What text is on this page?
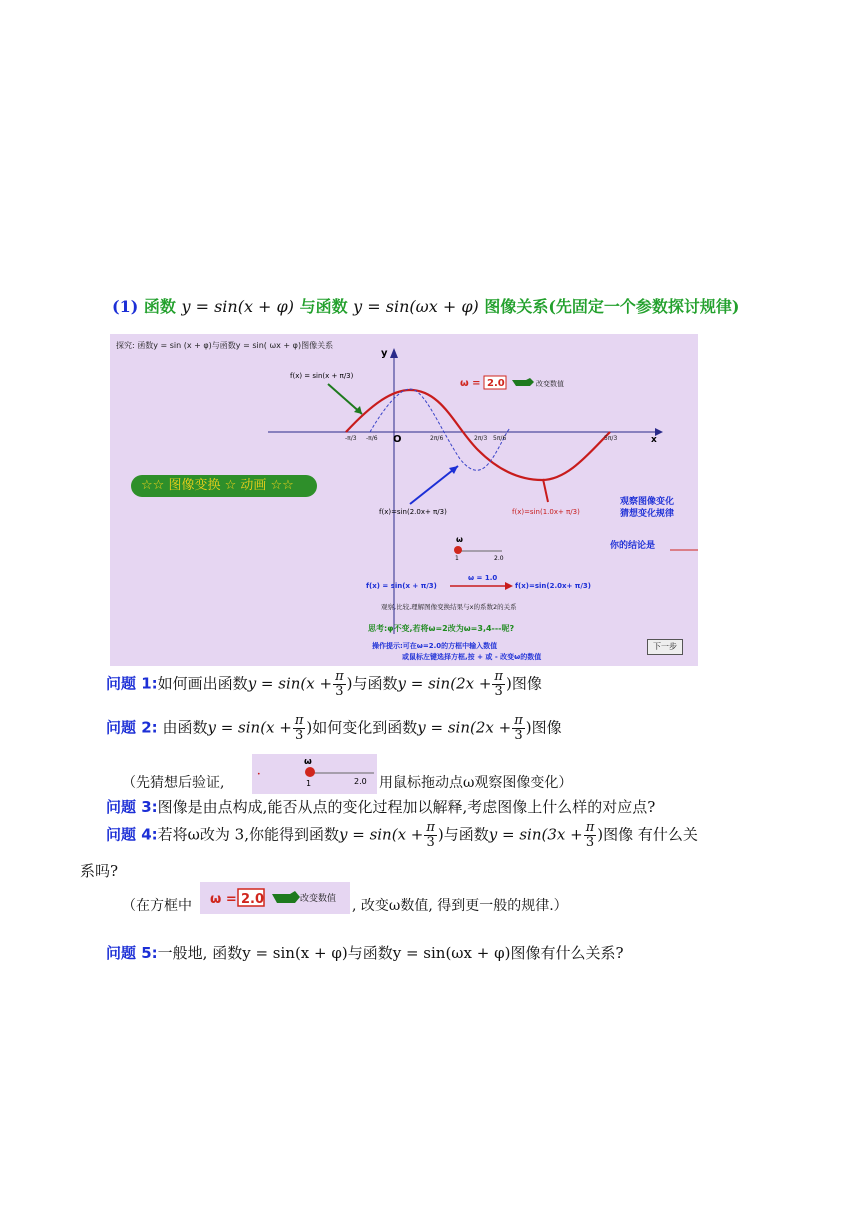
(1) 函数 y = sin(x + φ) 与函数 y = sin(ωx + φ) 图像关系(先固定一个参数探讨规律)
探究: 函数y = sin (x + φ)与函数y = sin( ωx + φ)图像关系
y
x
O
-π/3 -π/6	2π/6	2π/3 5π/6	5π/3
f(x) = sin(x + π/3)
f(x)=sin(2.0x+ π/3)	f(x)=sin(1.0x+ π/3)
ω = 2.0	改变数值
观察图像变化
猜想变化规律
你的结论是
ω
1	2.0
f(x) = sin(x + π/3)
ω = 1.0
f(x)=sin(2.0x+ π/3)
观察,比较,理解图像变换结果与x的系数2的关系
思考:φ不变,若将ω=2改为ω=3,4---呢?
操作提示:可在ω=2.0的方框中输入数值
或鼠标左键选择方框,按 + 或 - 改变ω的数值
☆☆ 图像变换 ☆ 动画 ☆☆
下一步
问题 1:如何画出函数$y = \sin(x + \frac{\pi}{3}$ )与函数$y = \sin(2x + \frac{\pi}{3}$ )图像
问题 2: 由函数$y = \sin(x + \frac{\pi}{3}$ )如何变化到函数$y = \sin(2x + \frac{\pi}{3}$ )图像
（先猜想后验证,
•
ω
1	2.0 用鼠标拖动点ω观察图像变化）
问题 3:图像是由点构成,能否从点的变化过程加以解释,考虑图像上什么样的对应点?
问题 4:若将ω改为 3,你能得到函数$y = \sin(x + \frac{\pi}{3}$ )与函数$y = \sin(3x + \frac{\pi}{3}$ )图像 有什么关
系吗?
（在方框中 ω = 2.0	改变数值 , 改变ω数值, 得到更一般的规律.）
问题 5:一般地, 函数y = sin(x + φ)与函数y = sin(ωx + φ)图像有什么关系?
